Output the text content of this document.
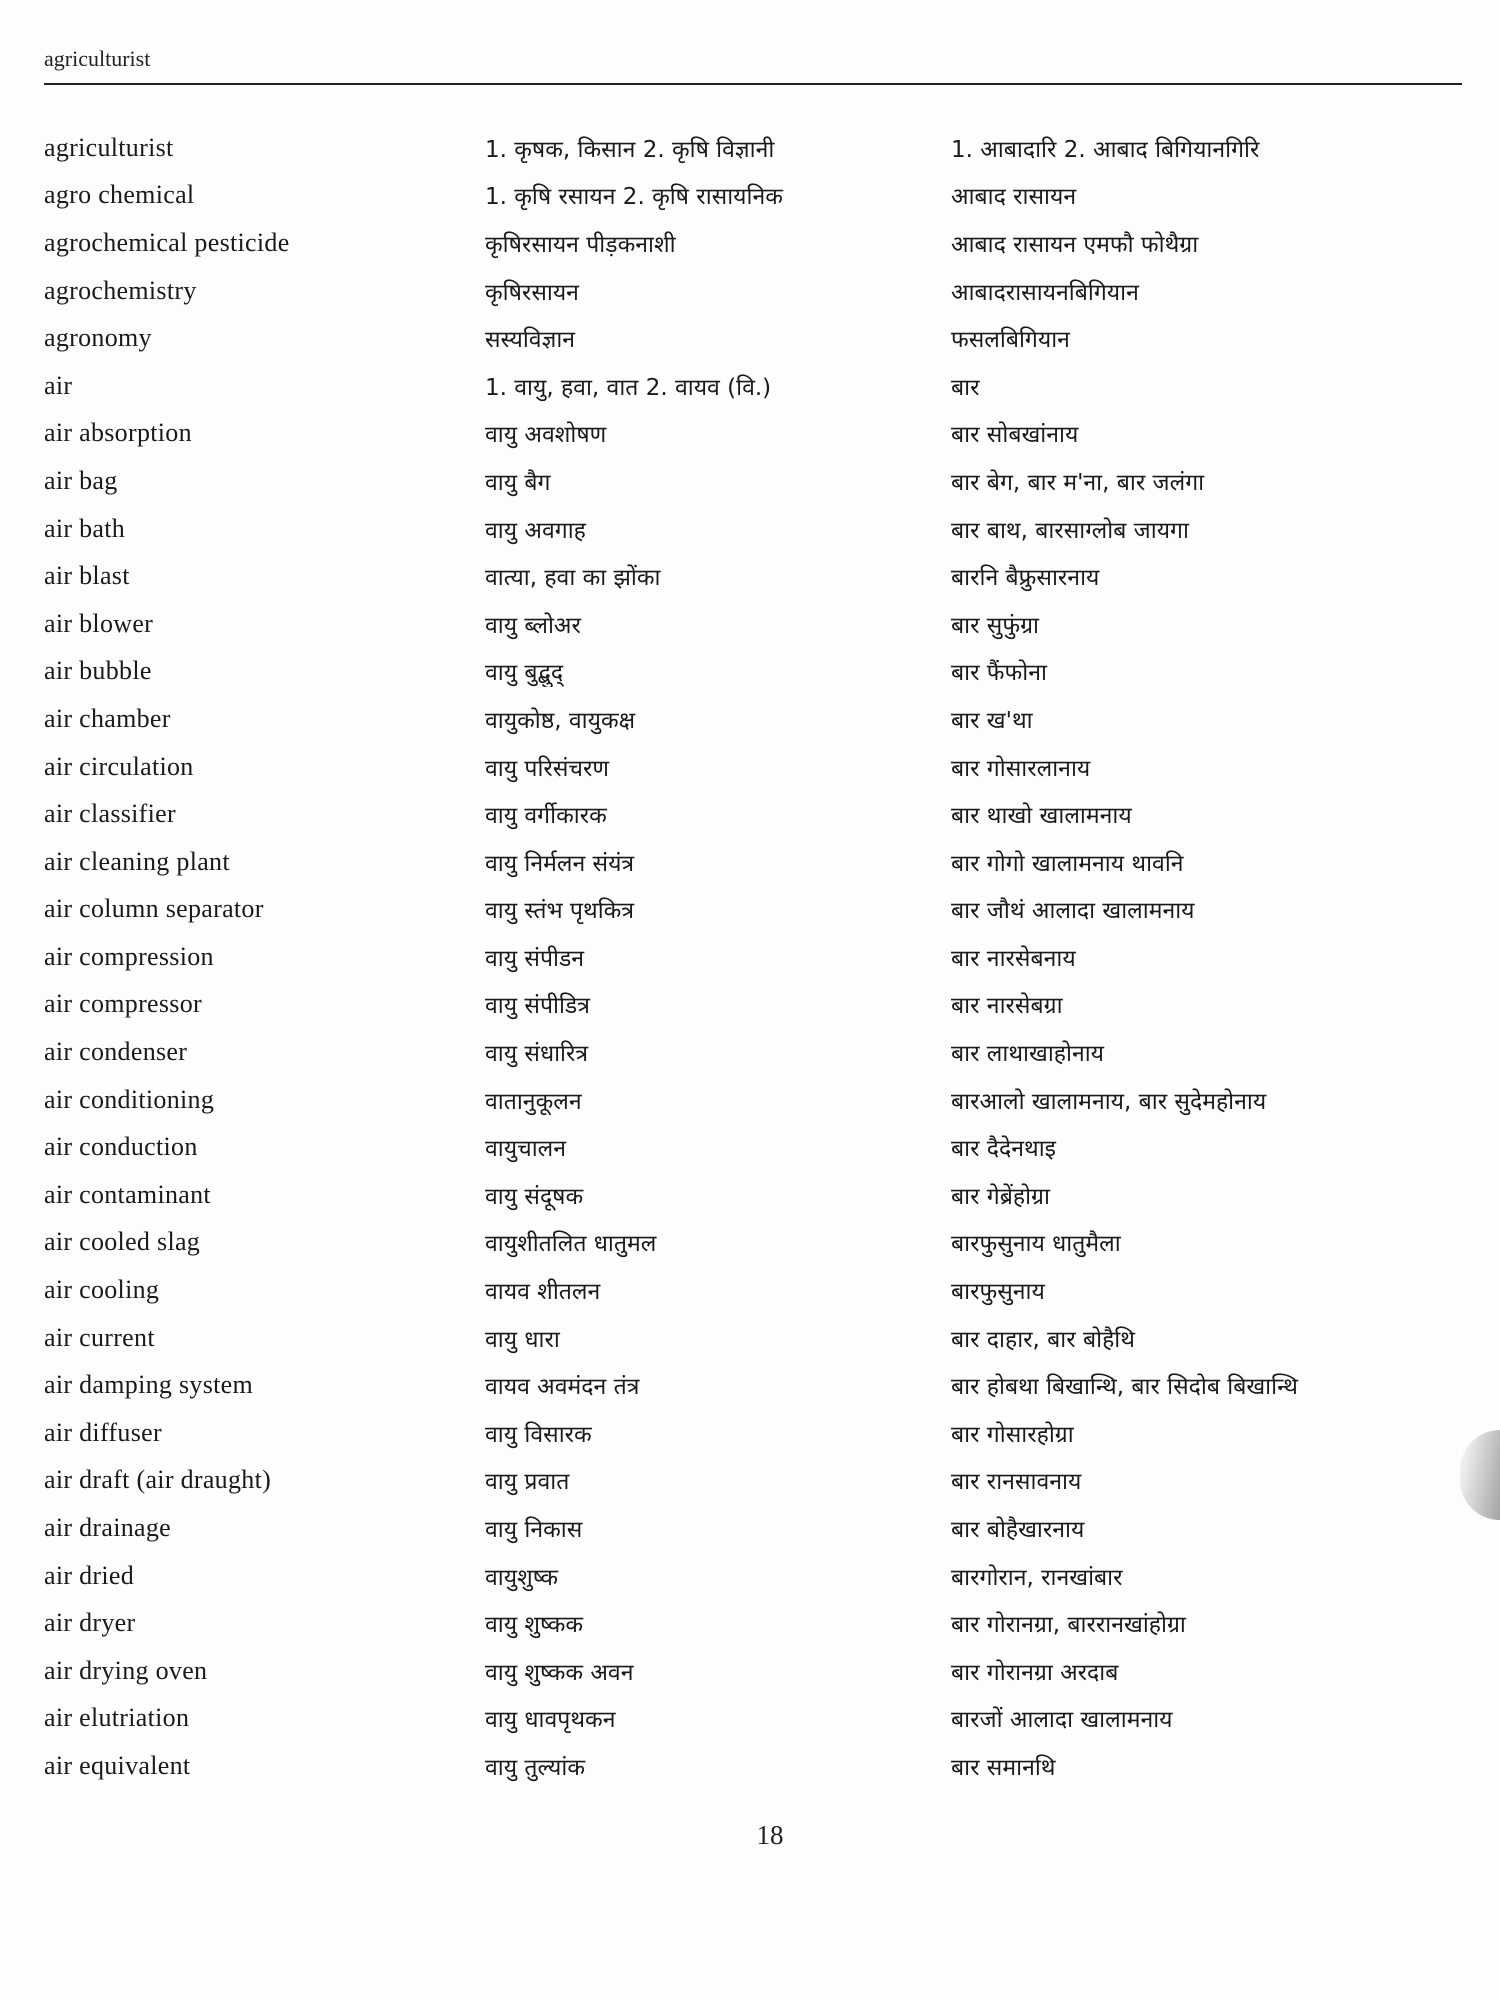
agriculturist
agriculturist	1. कृषक, किसान 2. कृषि विज्ञानी	1. आबादारि 2. आबाद बिगियानगिरि
agro chemical	1. कृषि रसायन 2. कृषि रासायनिक	आबाद रासायन
agrochemical pesticide	कृषिरसायन पीड़कनाशी	आबाद रासायन एमफौ फोथैग्रा
agrochemistry	कृषिरसायन	आबादरासायनबिगियान
agronomy	सस्यविज्ञान	फसलबिगियान
air	1. वायु, हवा, वात 2. वायव (वि.)	बार
air absorption	वायु अवशोषण	बार सोबखांनाय
air bag	वायु बैग	बार बेग, बार म'ना, बार जलंगा
air bath	वायु अवगाह	बार बाथ, बारसाग्लोब जायगा
air blast	वात्या, हवा का झोंका	बारनि बैफ्रुसारनाय
air blower	वायु ब्लोअर	बार सुफुंग्रा
air bubble	वायु बुद्बुद्	बार फैंफोना
air chamber	वायुकोष्ठ, वायुकक्ष	बार ख'था
air circulation	वायु परिसंचरण	बार गोसारलानाय
air classifier	वायु वर्गीकारक	बार थाखो खालामनाय
air cleaning plant	वायु निर्मलन संयंत्र	बार गोगो खालामनाय थावनि
air column separator	वायु स्तंभ पृथकित्र	बार जौथं आलादा खालामनाय
air compression	वायु संपीडन	बार नारसेबनाय
air compressor	वायु संपीडित्र	बार नारसेबग्रा
air condenser	वायु संधारित्र	बार लाथाखाहोनाय
air conditioning	वातानुकूलन	बारआलो खालामनाय, बार सुदेमहोनाय
air conduction	वायुचालन	बार दैदेनथाइ
air contaminant	वायु संदूषक	बार गेब्रेंहोग्रा
air cooled slag	वायुशीतलित धातुमल	बारफुसुनाय धातुमैला
air cooling	वायव शीतलन	बारफुसुनाय
air current	वायु धारा	बार दाहार, बार बोहैथि
air damping system	वायव अवमंदन तंत्र	बार होबथा बिखान्थि, बार सिदोब बिखान्थि
air diffuser	वायु विसारक	बार गोसारहोग्रा
air draft (air draught)	वायु प्रवात	बार रानसावनाय
air drainage	वायु निकास	बार बोहैखारनाय
air dried	वायुशुष्क	बारगोरान, रानखांबार
air dryer	वायु शुष्कक	बार गोरानग्रा, बाररानखांहोग्रा
air drying oven	वायु शुष्कक अवन	बार गोरानग्रा अरदाब
air elutriation	वायु धावपृथकन	बारजों आलादा खालामनाय
air equivalent	वायु तुल्यांक	बार समानथि
18
